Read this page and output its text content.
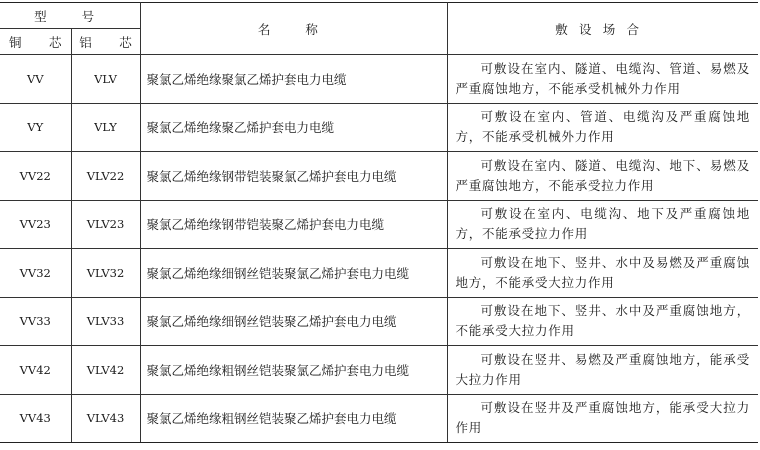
型　号		名　称	敷设场合
铜　芯	铝　芯		
VV	VLV	聚氯乙烯绝缘聚氯乙烯护套电力电缆	可敷设在室内、隧道、电缆沟、管道、易燃及严重腐蚀地方，不能承受机械外力作用
VY	VLY	聚氯乙烯绝缘聚乙烯护套电力电缆	可敷设在室内、管道、电缆沟及严重腐蚀地方，不能承受机械外力作用
VV22	VLV22	聚氯乙烯绝缘钢带铠装聚氯乙烯护套电力电缆	可敷设在室内、隧道、电缆沟、地下、易燃及严重腐蚀地方，不能承受拉力作用
VV23	VLV23	聚氯乙烯绝缘钢带铠装聚乙烯护套电力电缆	可敷设在室内、电缆沟、地下及严重腐蚀地方，不能承受拉力作用
VV32	VLV32	聚氯乙烯绝缘细钢丝铠装聚氯乙烯护套电力电缆	可敷设在地下、竖井、水中及易燃及严重腐蚀地方，不能承受大拉力作用
VV33	VLV33	聚氯乙烯绝缘细钢丝铠装聚乙烯护套电力电缆	可敷设在地下、竖井、水中及严重腐蚀地方，不能承受大拉力作用
VV42	VLV42	聚氯乙烯绝缘粗钢丝铠装聚氯乙烯护套电力电缆	可敷设在竖井、易燃及严重腐蚀地方，能承受大拉力作用
VV43	VLV43	聚氯乙烯绝缘粗钢丝铠装聚乙烯护套电力电缆	可敷设在竖井及严重腐蚀地方，能承受大拉力作用
